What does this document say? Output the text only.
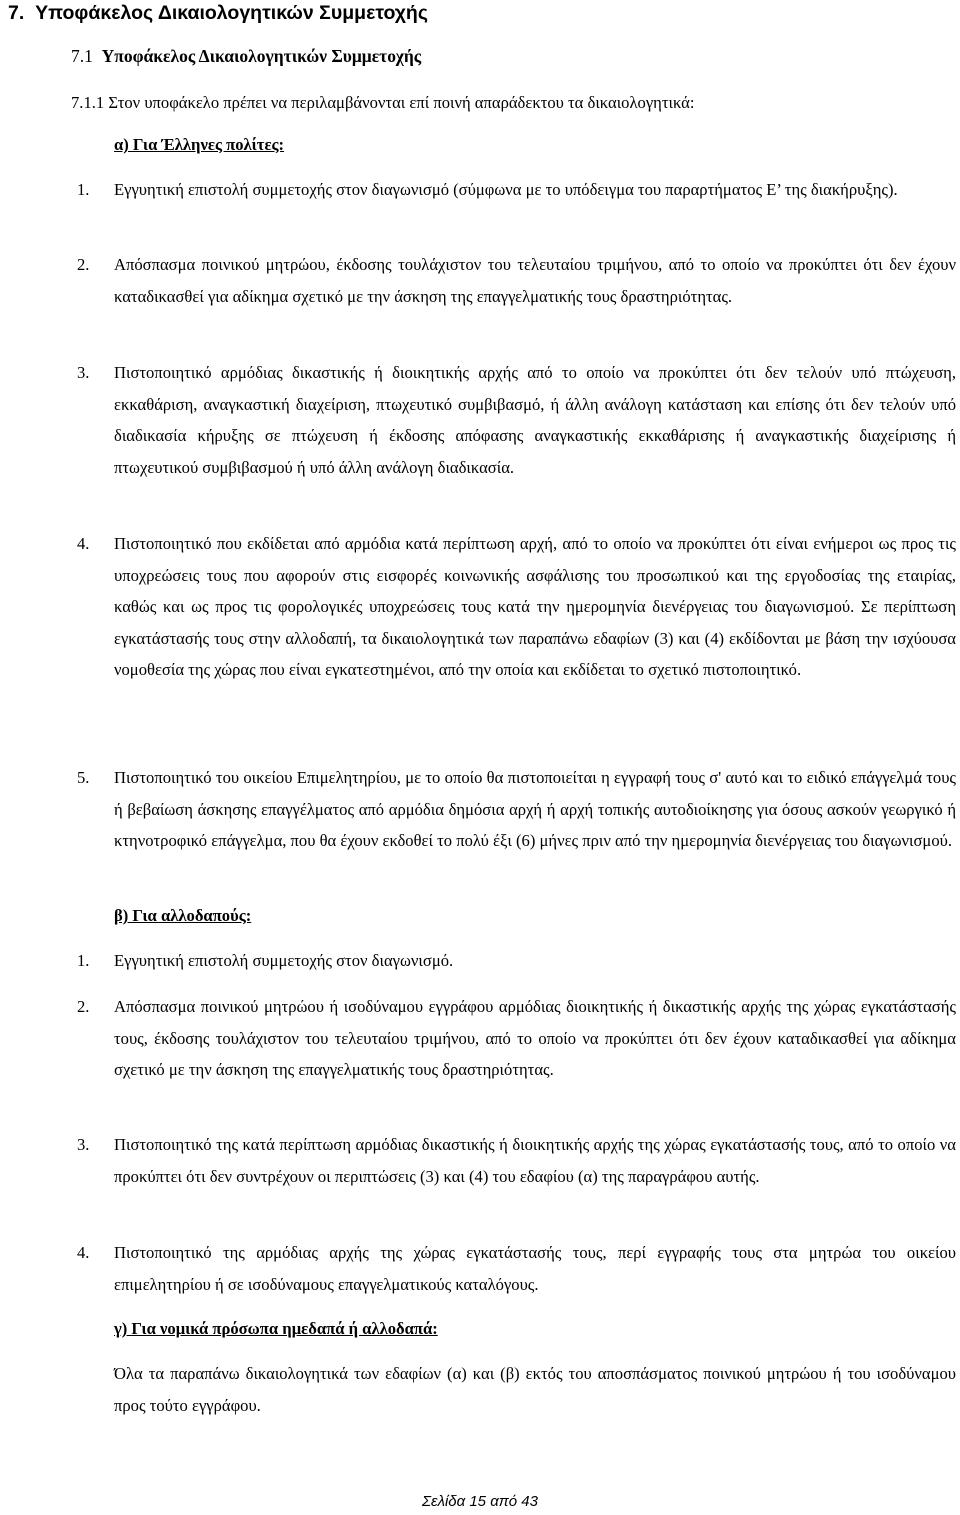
7. Υποφάκελος Δικαιολογητικών Συμμετοχής
7.1 Υποφάκελος Δικαιολογητικών Συμμετοχής
7.1.1 Στον υποφάκελο πρέπει να περιλαμβάνονται επί ποινή απαράδεκτου τα δικαιολογητικά:
α) Για Έλληνες πολίτες:
1. Εγγυητική επιστολή συμμετοχής στον διαγωνισμό (σύμφωνα με το υπόδειγμα του παραρτήματος Ε’ της διακήρυξης).
2. Απόσπασμα ποινικού μητρώου, έκδοσης τουλάχιστον του τελευταίου τριμήνου, από το οποίο να προκύπτει ότι δεν έχουν καταδικασθεί για αδίκημα σχετικό με την άσκηση της επαγγελματικής τους δραστηριότητας.
3. Πιστοποιητικό αρμόδιας δικαστικής ή διοικητικής αρχής από το οποίο να προκύπτει ότι δεν τελούν υπό πτώχευση, εκκαθάριση, αναγκαστική διαχείριση, πτωχευτικό συμβιβασμό, ή άλλη ανάλογη κατάσταση και επίσης ότι δεν τελούν υπό διαδικασία κήρυξης σε πτώχευση ή έκδοσης απόφασης αναγκαστικής εκκαθάρισης ή αναγκαστικής διαχείρισης ή πτωχευτικού συμβιβασμού ή υπό άλλη ανάλογη διαδικασία.
4. Πιστοποιητικό που εκδίδεται από αρμόδια κατά περίπτωση αρχή, από το οποίο να προκύπτει ότι είναι ενήμεροι ως προς τις υποχρεώσεις τους που αφορούν στις εισφορές κοινωνικής ασφάλισης του προσωπικού και της εργοδοσίας της εταιρίας, καθώς και ως προς τις φορολογικές υποχρεώσεις τους κατά την ημερομηνία διενέργειας του διαγωνισμού. Σε περίπτωση εγκατάστασής τους στην αλλοδαπή, τα δικαιολογητικά των παραπάνω εδαφίων (3) και (4) εκδίδονται με βάση την ισχύουσα νομοθεσία της χώρας που είναι εγκατεστημένοι, από την οποία και εκδίδεται το σχετικό πιστοποιητικό.
5. Πιστοποιητικό του οικείου Επιμελητηρίου, με το οποίο θα πιστοποιείται η εγγραφή τους σ' αυτό και το ειδικό επάγγελμά τους ή βεβαίωση άσκησης επαγγέλματος από αρμόδια δημόσια αρχή ή αρχή τοπικής αυτοδιοίκησης για όσους ασκούν γεωργικό ή κτηνοτροφικό επάγγελμα, που θα έχουν εκδοθεί το πολύ έξι (6) μήνες πριν από την ημερομηνία διενέργειας του διαγωνισμού.
β) Για αλλοδαπούς:
1. Εγγυητική επιστολή συμμετοχής στον διαγωνισμό.
2. Απόσπασμα ποινικού μητρώου ή ισοδύναμου εγγράφου αρμόδιας διοικητικής ή δικαστικής αρχής της χώρας εγκατάστασής τους, έκδοσης τουλάχιστον του τελευταίου τριμήνου, από το οποίο να προκύπτει ότι δεν έχουν καταδικασθεί για αδίκημα σχετικό με την άσκηση της επαγγελματικής τους δραστηριότητας.
3. Πιστοποιητικό της κατά περίπτωση αρμόδιας δικαστικής ή διοικητικής αρχής της χώρας εγκατάστασής τους, από το οποίο να προκύπτει ότι δεν συντρέχουν οι περιπτώσεις (3) και (4) του εδαφίου (α) της παραγράφου αυτής.
4. Πιστοποιητικό της αρμόδιας αρχής της χώρας εγκατάστασής τους, περί εγγραφής τους στα μητρώα του οικείου επιμελητηρίου ή σε ισοδύναμους επαγγελματικούς καταλόγους.
γ) Για νομικά πρόσωπα ημεδαπά ή αλλοδαπά:
Όλα τα παραπάνω δικαιολογητικά των εδαφίων (α) και (β) εκτός του αποσπάσματος ποινικού μητρώου ή του ισοδύναμου προς τούτο εγγράφου.
Σελίδα 15 από 43
